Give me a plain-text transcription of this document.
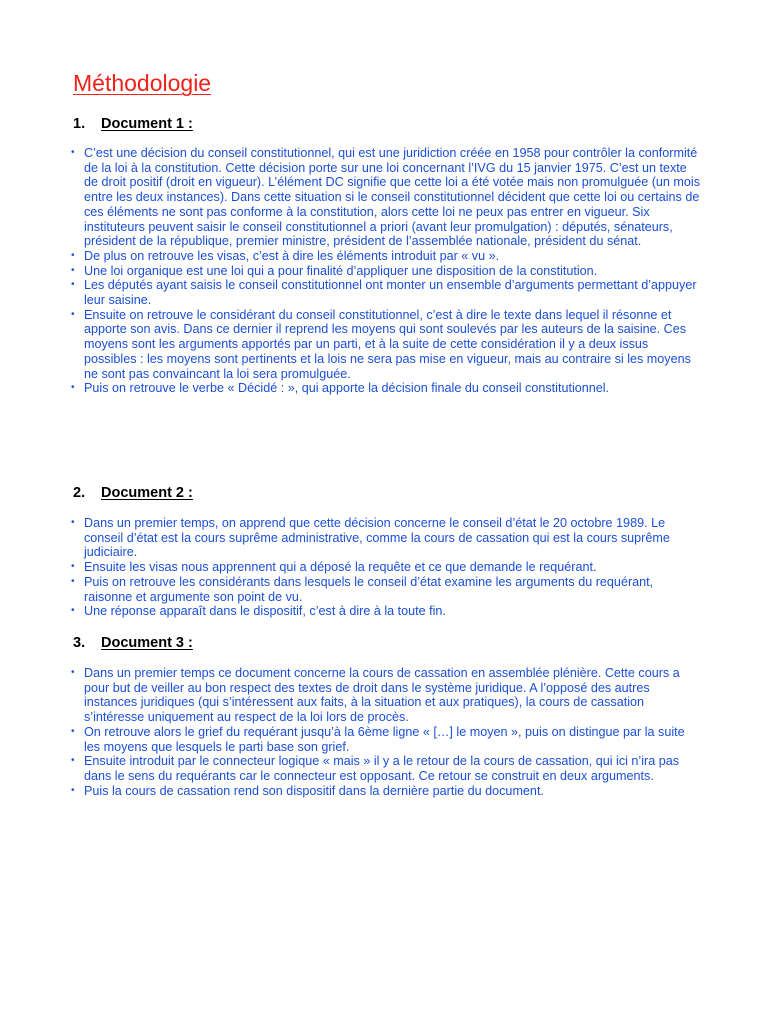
Méthodologie
1. Document 1 :
• C’est une décision du conseil constitutionnel, qui est une juridiction créée en 1958 pour contrôler la conformité de la loi à la constitution. Cette décision porte sur une loi concernant l’IVG du 15 janvier 1975. C’est un texte de droit positif (droit en vigueur). L’élément DC signifie que cette loi a été votée mais non promulguée (un mois entre les deux instances). Dans cette situation si le conseil constitutionnel décident que cette loi ou certains de ces éléments ne sont pas conforme à la constitution, alors cette loi ne peux pas entrer en vigueur. Six instituteurs peuvent saisir le conseil constitutionnel a priori (avant leur promulgation) : députés, sénateurs, président de la république, premier ministre, président de l’assemblée nationale, président du sénat.
• De plus on retrouve les visas, c’est à dire les éléments introduit par « vu ».
• Une loi organique est une loi qui a pour finalité d’appliquer une disposition de la constitution.
• Les députés ayant saisis le conseil constitutionnel ont monter un ensemble d’arguments permettant d’appuyer leur saisine.
• Ensuite on retrouve le considérant du conseil constitutionnel, c’est à dire le texte dans lequel il résonne et apporte son avis. Dans ce dernier il reprend les moyens qui sont soulevés par les auteurs de la saisine. Ces moyens sont les arguments apportés par un parti, et à la suite de cette considération il y a deux issus possibles : les moyens sont pertinents et la lois ne sera pas mise en vigueur, mais au contraire si les moyens ne sont pas convaincant la loi sera promulguée.
• Puis on retrouve le verbe « Décidé : », qui apporte la décision finale du conseil constitutionnel.
2. Document 2 :
• Dans un premier temps, on apprend que cette décision concerne le conseil d’état le 20 octobre 1989. Le conseil d’état est la cours suprême administrative, comme la cours de cassation qui est la cours suprême judiciaire.
• Ensuite les visas nous apprennent qui a déposé la requête et ce que demande le requérant.
• Puis on retrouve les considérants dans lesquels le conseil d’état examine les arguments du requérant, raisonne et argumente son point de vu.
• Une réponse apparaît dans le dispositif, c’est à dire à la toute fin.
3. Document 3 :
• Dans un premier temps ce document concerne la cours de cassation en assemblée plénière. Cette cours a pour but de veiller au bon respect des textes de droit dans le système juridique. A l’opposé des autres instances juridiques (qui s’intéressent aux faits, à la situation et aux pratiques), la cours de cassation s’intéresse uniquement au respect de la loi lors de procès.
• On retrouve alors le grief du requérant jusqu’à la 6ème ligne « […] le moyen », puis on distingue par la suite les moyens que lesquels le parti base son grief.
• Ensuite introduit par le connecteur logique « mais » il y a le retour de la cours de cassation, qui ici n’ira pas dans le sens du requérants car le connecteur est opposant. Ce retour se construit en deux arguments.
• Puis la cours de cassation rend son dispositif dans la dernière partie du document.
